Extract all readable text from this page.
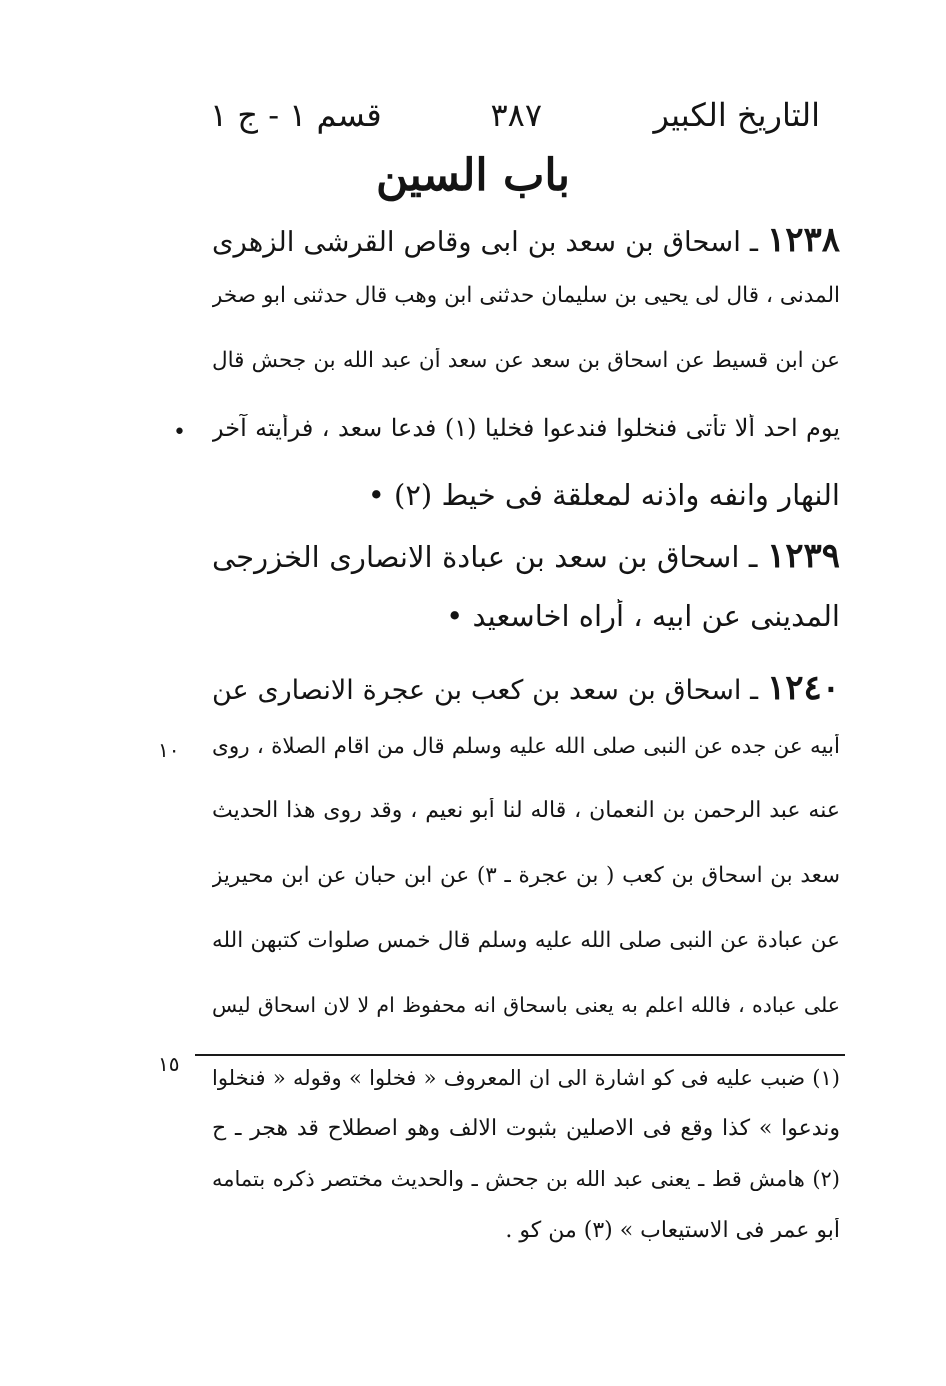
التاريخ الكبير
٣٨٧
قسم ١ - ج ١
باب السين
١٢٣٨ ـ اسحاق بن سعد بن ابى وقاص القرشى الزهرى
المدنى ، قال لى يحيى بن سليمان حدثنى ابن وهب قال حدثنى ابو صخر
عن ابن قسيط عن اسحاق بن سعد عن سعد أن عبد الله بن جحش قال
يوم احد ألا تأتى فنخلوا فندعوا فخليا (١) فدعا سعد ، فرأيته آخر
النهار وانفه واذنه لمعلقة فى خيط (٢) •
١٢٣٩ ـ اسحاق بن سعد بن عبادة الانصارى الخزرجى
المدينى عن ابيه ، أراه اخاسعيد •
١٢٤٠ ـ اسحاق بن سعد بن كعب بن عجرة الانصارى عن
أبيه عن جده عن النبى صلى الله عليه وسلم قال من اقام الصلاة ، روى
عنه عبد الرحمن بن النعمان ، قاله لنا أبو نعيم ، وقد روى هذا الحديث
سعد بن اسحاق بن كعب ( بن عجرة ـ ٣) عن ابن حبان عن ابن محيريز
عن عبادة عن النبى صلى الله عليه وسلم قال خمس صلوات كتبهن الله
على عباده ، فالله اعلم به يعنى باسحاق انه محفوظ ام لا لان اسحاق ليس
•
١٠
١٥
(١) ضبب عليه فى كو اشارة الى ان المعروف « فخلوا » وقوله « فنخلوا
وندعوا » كذا وقع فى الاصلين بثبوت الالف وهو اصطلاح قد هجر ـ ح
(٢) هامش قط ـ يعنى عبد الله بن جحش ـ والحديث مختصر ذكره بتمامه
أبو عمر فى الاستيعاب » (٣) من كو .
